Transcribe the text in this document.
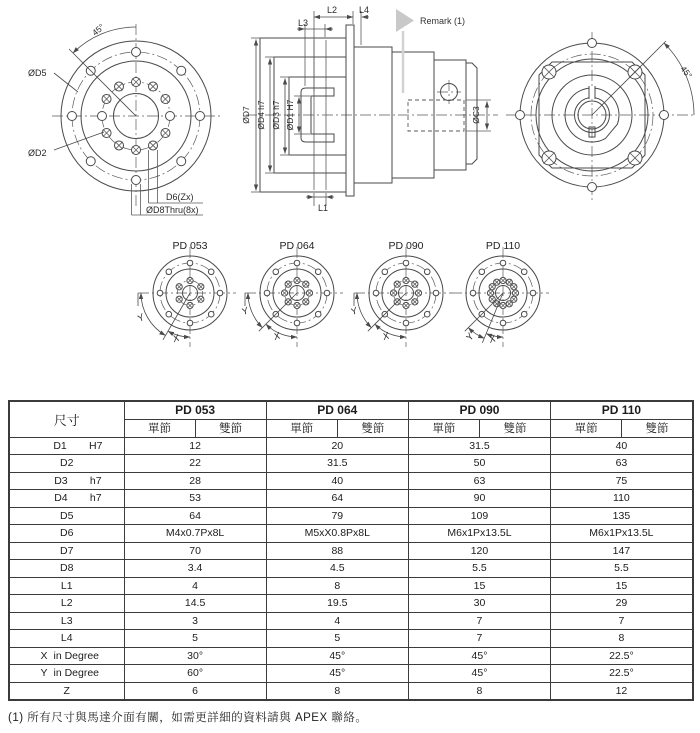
45°
ØD5
ØD2
ØD8Thru(8x)
D6(Zx)
L2 L4
L3
L1
ØD7 ØD4 h7 ØD3 h7 ØD1 H7	ØC3
Remark (1)
45°
Y
X
Y
X
Y
X	Y X
PD 053	PD 064	PD 090	PD 110
尺寸	PD 053		PD 064		PD 090		PD 110	
	單節	雙節	單節	雙節	單節	雙節	單節	雙節
D1 H7	12		20		31.5		40	
D2	22		31.5		50		63	
D3 h7	28		40		63		75	
D4 h7	53		64		90		110	
D5	64		79		109		135	
D6	M4x0.7Px8L		M5xX0.8Px8L		M6x1Px13.5L		M6x1Px13.5L	
D7	70		88		120		147	
D8	3.4		4.5		5.5		5.5	
L1	4		8		15		15	
L2	14.5		19.5		30		29	
L3	3		4		7		7	
L4	5		5		7		8	
X in Degree	30°		45°		45°		22.5°	
Y in Degree	60°		45°		45°		22.5°	
Z	6		8		8		12	
(1) 所有尺寸與馬達介面有關，如需更詳細的資料請與 APEX 聯絡。
